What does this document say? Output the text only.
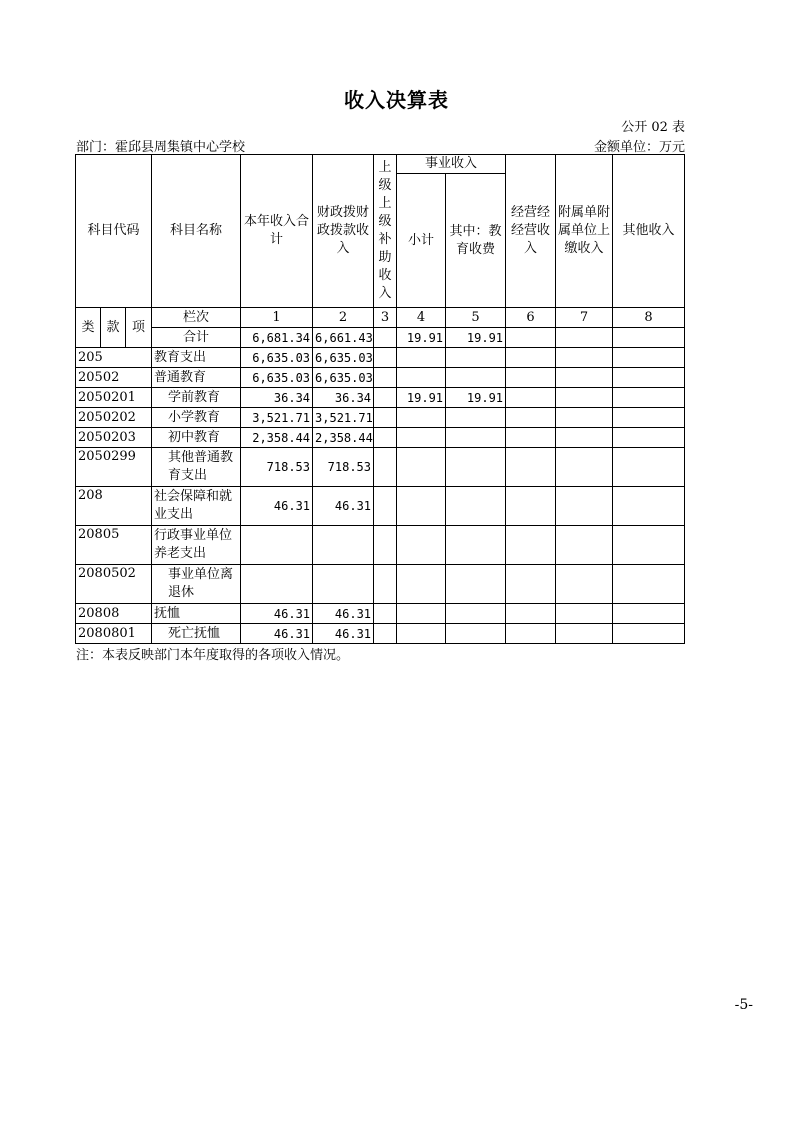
收入决算表
公开 02 表
部门：霍邱县周集镇中心学校	金额单位：万元
科目代码			科目名称	本年收入合计	财政拨财政拨款收入	上级上级补助收入	事业收入		经营经经营收入	附属单附属单位上缴收入	其他收入
							小计	其中：教育收费			
类	款	项	栏次	1	2	3	4	5	6	7	8
			合计	6,681.34	6,661.43		19.91	19.91			
205			教育支出	6,635.03	6,635.03						
20502			普通教育	6,635.03	6,635.03						
2050201			学前教育	36.34	36.34		19.91	19.91			
2050202			小学教育	3,521.71	3,521.71						
2050203			初中教育	2,358.44	2,358.44						
2050299			其他普通教育支出	718.53	718.53						
208			社会保障和就业支出	46.31	46.31						
20805			行政事业单位养老支出								
2080502			事业单位离退休								
20808			抚恤	46.31	46.31						
2080801			死亡抚恤	46.31	46.31						
注：本表反映部门本年度取得的各项收入情况。
-5-
